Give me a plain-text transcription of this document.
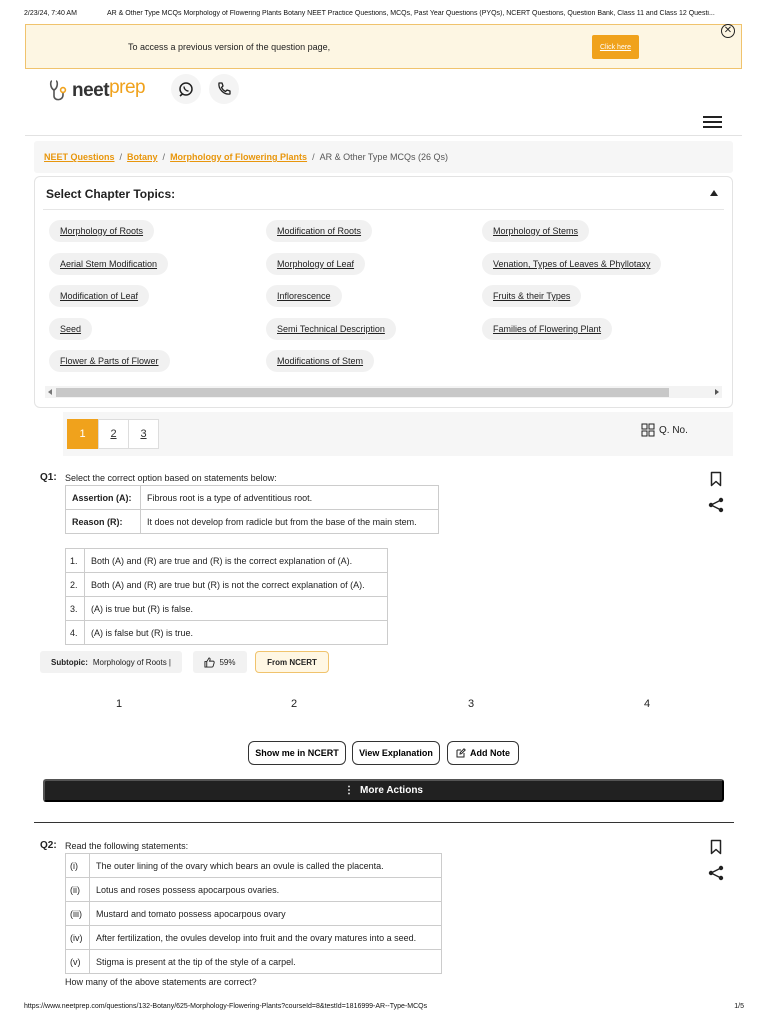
2/23/24, 7:40 AM	AR & Other Type MCQs Morphology of Flowering Plants Botany NEET Practice Questions, MCQs, Past Year Questions (PYQs), NCERT Questions, Question Bank, Class 11 and Class 12 Questi...
To access a previous version of the question page,	Click here
✕
neet prep
NEET Questions / Botany / Morphology of Flowering Plants / AR & Other Type MCQs (26 Qs)
Select Chapter Topics:
Morphology of Roots	Modification of Roots	Morphology of Stems
Aerial Stem Modification	Morphology of Leaf	Venation, Types of Leaves & Phyllotaxy
Modification of Leaf	Inflorescence	Fruits & their Types
Seed	Semi Technical Description	Families of Flowering Plant
Flower & Parts of Flower	Modifications of Stem
1	2	3	Q. No.
Q1: Select the correct option based on statements below:
Assertion (A):	Fibrous root is a type of adventitious root.
Reason (R):	It does not develop from radicle but from the base of the main stem.
1.	Both (A) and (R) are true and (R) is the correct explanation of (A).
2.	Both (A) and (R) are true but (R) is not the correct explanation of (A).
3.	(A) is true but (R) is false.
4.	(A) is false but (R) is true.
Subtopic: Morphology of Roots |	59%	From NCERT
1	2	3	4
Show me in NCERT	View Explanation	Add Note
⋮ More Actions
Q2: Read the following statements:
(i)	The outer lining of the ovary which bears an ovule is called the placenta.
(ii)	Lotus and roses possess apocarpous ovaries.
(iii)	Mustard and tomato possess apocarpous ovary
(iv)	After fertilization, the ovules develop into fruit and the ovary matures into a seed.
(v)	Stigma is present at the tip of the style of a carpel.
How many of the above statements are correct?
https://www.neetprep.com/questions/132-Botany/625-Morphology-Flowering-Plants?courseId=8&testId=1816999-AR--Type-MCQs	1/5
